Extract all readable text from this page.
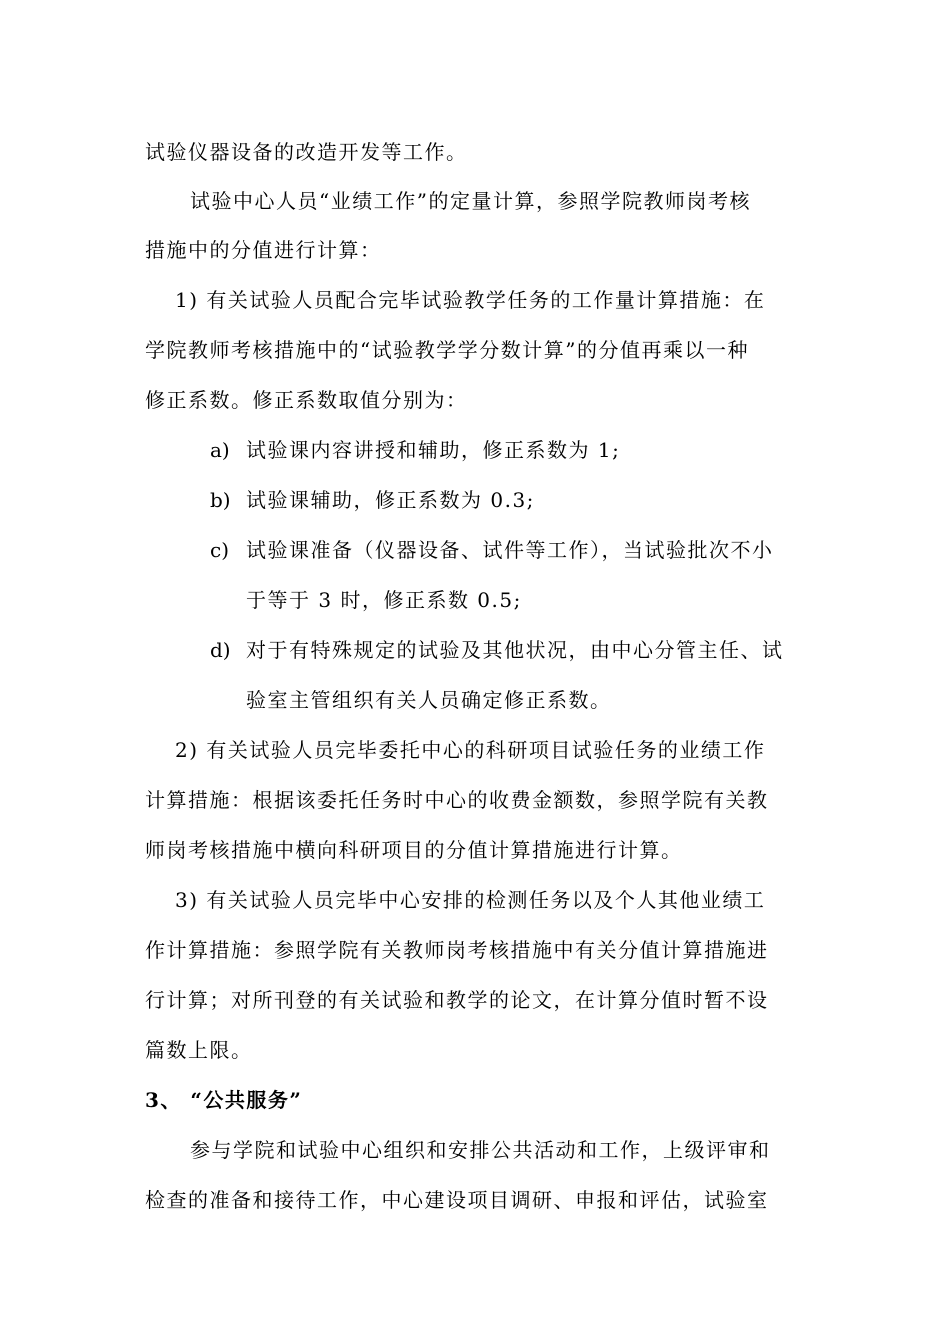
试验仪器设备的改造开发等工作。
试验中心人员“业绩工作”的定量计算，参照学院教师岗考核
措施中的分值进行计算：
1) 有关试验人员配合完毕试验教学任务的工作量计算措施：在
学院教师考核措施中的“试验教学学分数计算”的分值再乘以一种
修正系数。修正系数取值分别为：
a) 试验课内容讲授和辅助，修正系数为 1;
b) 试验课辅助，修正系数为 0.3;
c) 试验课准备（仪器设备、试件等工作），当试验批次不小
于等于 3 时，修正系数 0.5;
d) 对于有特殊规定的试验及其他状况，由中心分管主任、试
验室主管组织有关人员确定修正系数。
2) 有关试验人员完毕委托中心的科研项目试验任务的业绩工作
计算措施：根据该委托任务时中心的收费金额数，参照学院有关教
师岗考核措施中横向科研项目的分值计算措施进行计算。
3) 有关试验人员完毕中心安排的检测任务以及个人其他业绩工
作计算措施：参照学院有关教师岗考核措施中有关分值计算措施进
行计算；对所刊登的有关试验和教学的论文，在计算分值时暂不设
篇数上限。
3、 “公共服务”
参与学院和试验中心组织和安排公共活动和工作，上级评审和
检查的准备和接待工作，中心建设项目调研、申报和评估，试验室
